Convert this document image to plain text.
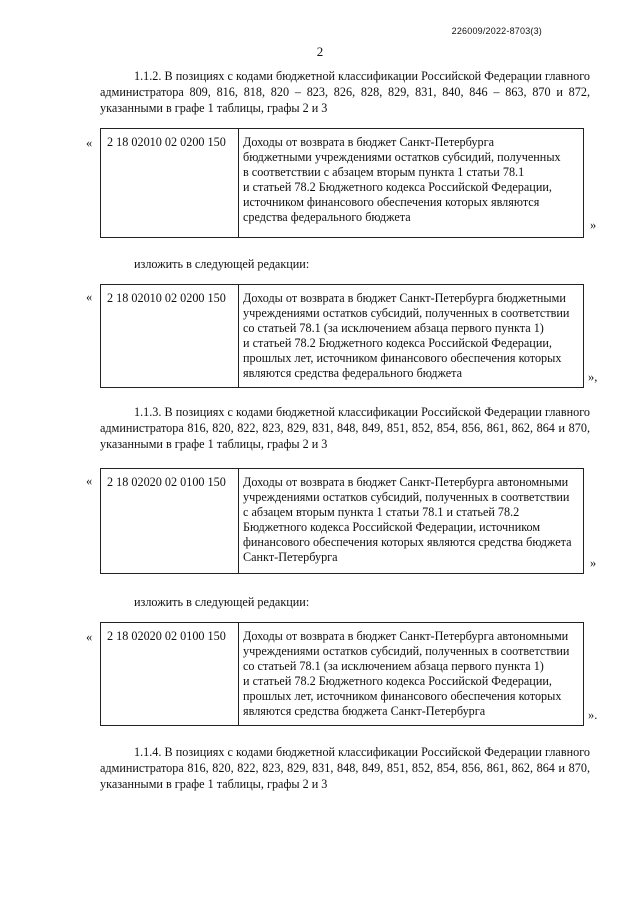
226009/2022-8703(3)
2

1.1.2. В позициях с кодами бюджетной классификации Российской Федерации главного администратора 809, 816, 818, 820 – 823, 826, 828, 829, 831, 840, 846 – 863, 870 и 872, указанными в графе 1 таблицы, графы 2 и 3

«	2 18 02010 02 0200 150	Доходы от возврата в бюджет Санкт-Петербурга
бюджетными учреждениями остатков субсидий, полученных
в соответствии с абзацем вторым пункта 1 статьи 78.1
и статьей 78.2 Бюджетного кодекса Российской Федерации,
источником финансового обеспечения которых являются
средства федерального бюджета
»

изложить в следующей редакции:

«	2 18 02010 02 0200 150	Доходы от возврата в бюджет Санкт-Петербурга бюджетными
учреждениями остатков субсидий, полученных в соответствии
со статьей 78.1 (за исключением абзаца первого пункта 1)
и статьей 78.2 Бюджетного кодекса Российской Федерации,
прошлых лет, источником финансового обеспечения которых
являются средства федерального бюджета	»,

1.1.3. В позициях с кодами бюджетной классификации Российской Федерации главного администратора 816, 820, 822, 823, 829, 831, 848, 849, 851, 852, 854, 856, 861, 862, 864 и 870, указанными в графе 1 таблицы, графы 2 и 3

«	2 18 02020 02 0100 150	Доходы от возврата в бюджет Санкт-Петербурга автономными
учреждениями остатков субсидий, полученных в соответствии
с абзацем вторым пункта 1 статьи 78.1 и статьей 78.2
Бюджетного кодекса Российской Федерации, источником
финансового обеспечения которых являются средства бюджета
Санкт-Петербурга	»

изложить в следующей редакции:

«	2 18 02020 02 0100 150	Доходы от возврата в бюджет Санкт-Петербурга автономными
учреждениями остатков субсидий, полученных в соответствии
со статьей 78.1 (за исключением абзаца первого пункта 1)
и статьей 78.2 Бюджетного кодекса Российской Федерации,
прошлых лет, источником финансового обеспечения которых
являются средства бюджета Санкт-Петербурга	».

1.1.4. В позициях с кодами бюджетной классификации Российской Федерации главного администратора 816, 820, 822, 823, 829, 831, 848, 849, 851, 852, 854, 856, 861, 862, 864 и 870, указанными в графе 1 таблицы, графы 2 и 3
